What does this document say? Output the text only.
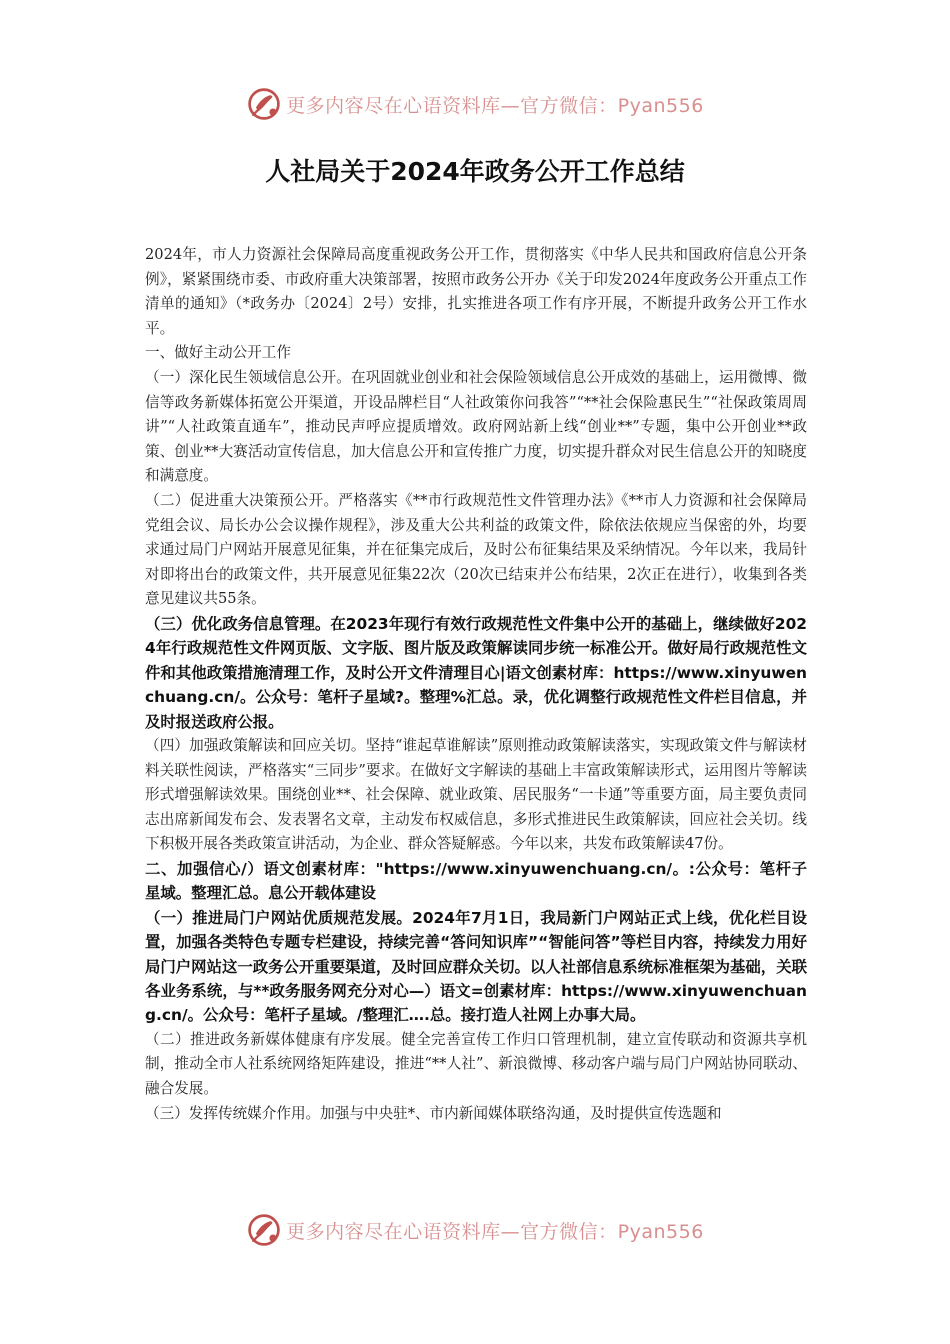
更多内容尽在心语资料库—官方微信：Pyan556
人社局关于2024年政务公开工作总结

2024年，市人力资源社会保障局高度重视政务公开工作，贯彻落实《中华人民共和国政府信息公开条例》，紧紧围绕市委、市政府重大决策部署，按照市政务公开办《关于印发2024年度政务公开重点工作清单的通知》（*政务办〔2024〕2号）安排，扎实推进各项工作有序开展，不断提升政务公开工作水平。

一、做好主动公开工作

（一）深化民生领域信息公开。在巩固就业创业和社会保险领域信息公开成效的基础上，运用微博、微信等政务新媒体拓宽公开渠道，开设品牌栏目“人社政策你问我答”“**社会保险惠民生”“社保政策周周讲”“人社政策直通车”，推动民声呼应提质增效。政府网站新上线“创业**”专题，集中公开创业**政策、创业**大赛活动宣传信息，加大信息公开和宣传推广力度，切实提升群众对民生信息公开的知晓度和满意度。

（二）促进重大决策预公开。严格落实《**市行政规范性文件管理办法》《**市人力资源和社会保障局党组会议、局长办公会议操作规程》，涉及重大公共利益的政策文件，除依法依规应当保密的外，均要求通过局门户网站开展意见征集，并在征集完成后，及时公布征集结果及采纳情况。今年以来，我局针对即将出台的政策文件，共开展意见征集22次（20次已结束并公布结果，2次正在进行），收集到各类意见建议共55条。

（三）优化政务信息管理。在2023年现行有效行政规范性文件集中公开的基础上，继续做好2024年行政规范性文件网页版、文字版、图片版及政策解读同步统一标准公开。做好局行政规范性文件和其他政策措施清理工作，及时公开文件清理目心|语文创素材库：https://www.xinyuwenchuang.cn/。公众号：笔杆子星域?。整理%汇总。录，优化调整行政规范性文件栏目信息，并及时报送政府公报。

（四）加强政策解读和回应关切。坚持“谁起草谁解读”原则推动政策解读落实，实现政策文件与解读材料关联性阅读，严格落实“三同步”要求。在做好文字解读的基础上丰富政策解读形式，运用图片等解读形式增强解读效果。围绕创业**、社会保障、就业政策、居民服务“一卡通”等重要方面，局主要负责同志出席新闻发布会、发表署名文章，主动发布权威信息，多形式推进民生政策解读，回应社会关切。线下积极开展各类政策宣讲活动，为企业、群众答疑解惑。今年以来，共发布政策解读47份。

二、加强信心/）语文创素材库："https://www.xinyuwenchuang.cn/。:公众号：笔杆子星域。整理汇总。息公开载体建设

（一）推进局门户网站优质规范发展。2024年7月1日，我局新门户网站正式上线，优化栏目设置，加强各类特色专题专栏建设，持续完善“答问知识库”“智能问答”等栏目内容，持续发力用好局门户网站这一政务公开重要渠道，及时回应群众关切。以人社部信息系统标准框架为基础，关联各业务系统，与**政务服务网充分对心—）语文=创素材库：https://www.xinyuwenchuang.cn/。公众号：笔杆子星域。/整理汇….总。接打造人社网上办事大局。

（二）推进政务新媒体健康有序发展。健全完善宣传工作归口管理机制，建立宣传联动和资源共享机制，推动全市人社系统网络矩阵建设，推进“**人社”、新浪微博、移动客户端与局门户网站协同联动、融合发展。

（三）发挥传统媒介作用。加强与中央驻*、市内新闻媒体联络沟通，及时提供宣传选题和

更多内容尽在心语资料库—官方微信：Pyan556
